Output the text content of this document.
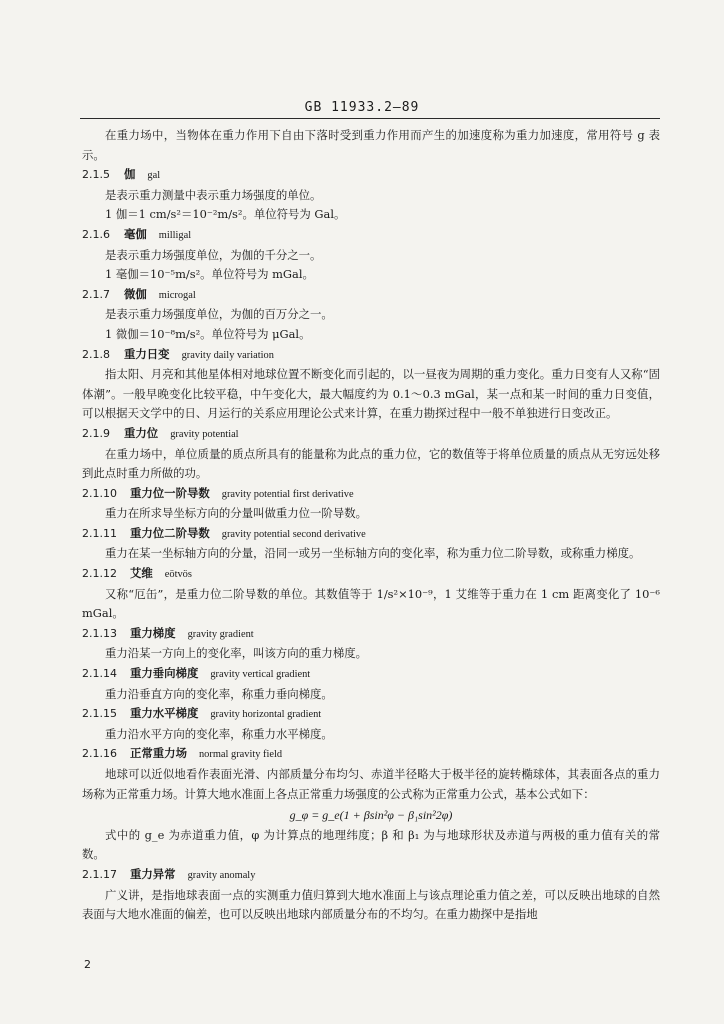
GB 11933.2—89

在重力场中，当物体在重力作用下自由下落时受到重力作用而产生的加速度称为重力加速度，常用符号 g 表示。

2.1.5 伽 gal

是表示重力测量中表示重力场强度的单位。

1 伽＝1 cm/s²＝10⁻²m/s²。单位符号为 Gal。

2.1.6 毫伽 milligal

是表示重力场强度单位，为伽的千分之一。

1 毫伽＝10⁻⁵m/s²。单位符号为 mGal。

2.1.7 微伽 microgal

是表示重力场强度单位，为伽的百万分之一。

1 微伽＝10⁻⁸m/s²。单位符号为 μGal。

2.1.8 重力日变 gravity daily variation

指太阳、月亮和其他星体相对地球位置不断变化而引起的，以一昼夜为周期的重力变化。重力日变有人又称“固体潮”。一般早晚变化比较平稳，中午变化大，最大幅度约为 0.1～0.3 mGal，某一点和某一时间的重力日变值，可以根据天文学中的日、月运行的关系应用理论公式来计算，在重力勘探过程中一般不单独进行日变改正。

2.1.9 重力位 gravity potential

在重力场中，单位质量的质点所具有的能量称为此点的重力位，它的数值等于将单位质量的质点从无穷远处移到此点时重力所做的功。

2.1.10 重力位一阶导数 gravity potential first derivative

重力在所求导坐标方向的分量叫做重力位一阶导数。

2.1.11 重力位二阶导数 gravity potential second derivative

重力在某一坐标轴方向的分量，沿同一或另一坐标轴方向的变化率，称为重力位二阶导数，或称重力梯度。

2.1.12 艾维 eötvös

又称“厄缶”，是重力位二阶导数的单位。其数值等于 1/s²×10⁻⁹，1 艾维等于重力在 1 cm 距离变化了 10⁻⁶ mGal。

2.1.13 重力梯度 gravity gradient

重力沿某一方向上的变化率，叫该方向的重力梯度。

2.1.14 重力垂向梯度 gravity vertical gradient

重力沿垂直方向的变化率，称重力垂向梯度。

2.1.15 重力水平梯度 gravity horizontal gradient

重力沿水平方向的变化率，称重力水平梯度。

2.1.16 正常重力场 normal gravity field

地球可以近似地看作表面光滑、内部质量分布均匀、赤道半径略大于极半径的旋转椭球体，其表面各点的重力场称为正常重力场。计算大地水准面上各点正常重力场强度的公式称为正常重力公式，基本公式如下：

g_φ = g_e(1 + βsin²φ − β₁sin²2φ)

式中的 g_e 为赤道重力值，φ 为计算点的地理纬度；β 和 β₁ 为与地球形状及赤道与两极的重力值有关的常数。

2.1.17 重力异常 gravity anomaly

广义讲，是指地球表面一点的实测重力值归算到大地水准面上与该点理论重力值之差，可以反映出地球的自然表面与大地水准面的偏差，也可以反映出地球内部质量分布的不均匀。在重力勘探中是指地

2
